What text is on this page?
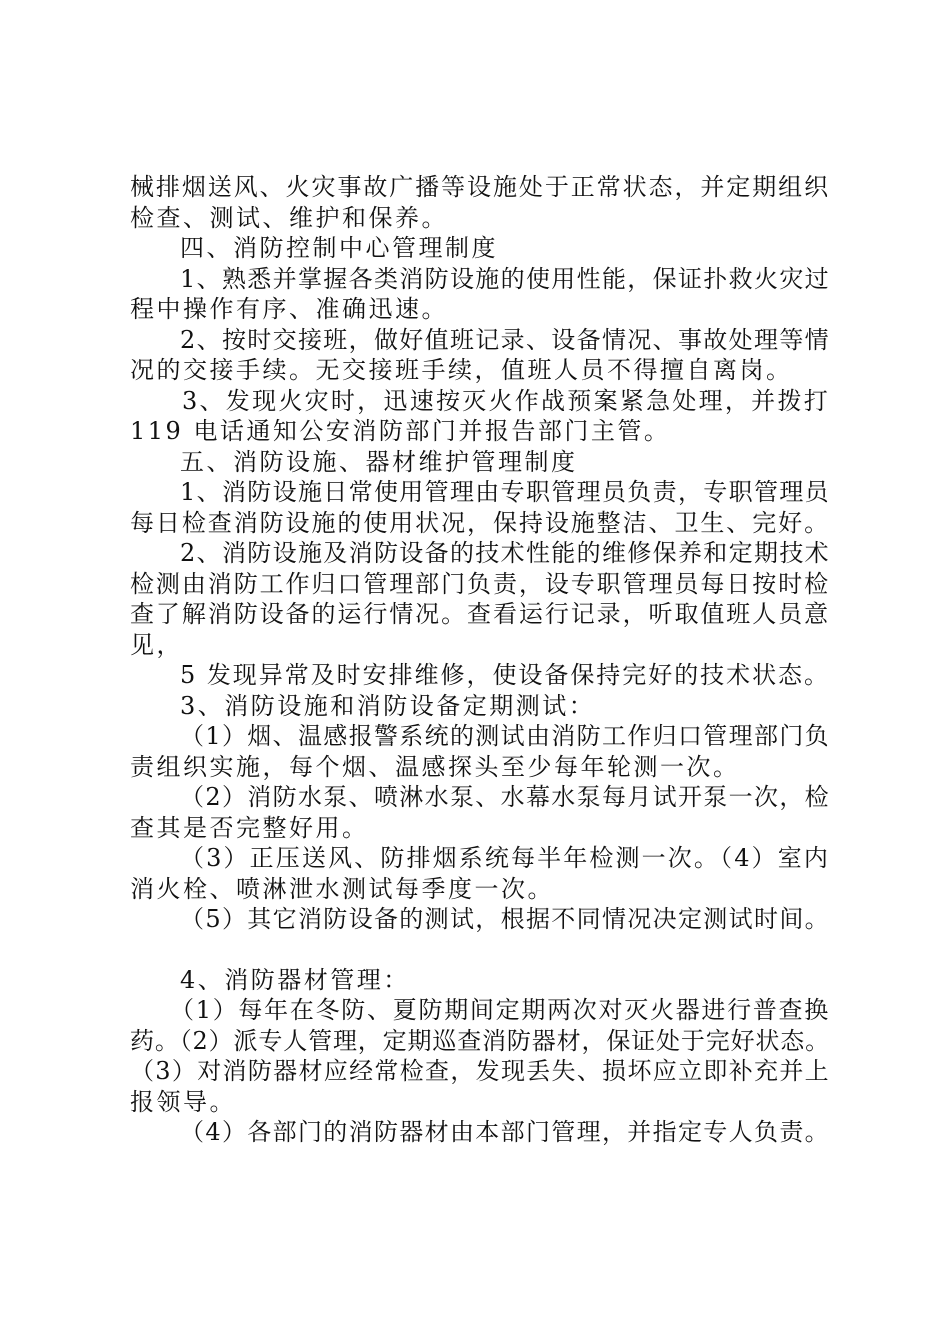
械排烟送风、火灾事故广播等设施处于正常状态，并定期组织
检查、测试、维护和保养。
四、消防控制中心管理制度
1、熟悉并掌握各类消防设施的使用性能，保证扑救火灾过
程中操作有序、准确迅速。
2、按时交接班，做好值班记录、设备情况、事故处理等情
况的交接手续。无交接班手续，值班人员不得擅自离岗。
3、发现火灾时，迅速按灭火作战预案紧急处理，并拨打
119 电话通知公安消防部门并报告部门主管。
五、消防设施、器材维护管理制度
1、消防设施日常使用管理由专职管理员负责，专职管理员
每日检查消防设施的使用状况，保持设施整洁、卫生、完好。
2、消防设施及消防设备的技术性能的维修保养和定期技术
检测由消防工作归口管理部门负责，设专职管理员每日按时检
查了解消防设备的运行情况。查看运行记录，听取值班人员意
见，
5 发现异常及时安排维修，使设备保持完好的技术状态。
3、消防设施和消防设备定期测试：
（1）烟、温感报警系统的测试由消防工作归口管理部门负
责组织实施，每个烟、温感探头至少每年轮测一次。
（2）消防水泵、喷淋水泵、水幕水泵每月试开泵一次，检
查其是否完整好用。
（3）正压送风、防排烟系统每半年检测一次。（4）室内
消火栓、喷淋泄水测试每季度一次。
（5）其它消防设备的测试，根据不同情况决定测试时间。
4、消防器材管理：
（1）每年在冬防、夏防期间定期两次对灭火器进行普查换
药。（2）派专人管理，定期巡查消防器材，保证处于完好状态。
（3）对消防器材应经常检查，发现丢失、损坏应立即补充并上
报领导。
（4）各部门的消防器材由本部门管理，并指定专人负责。
